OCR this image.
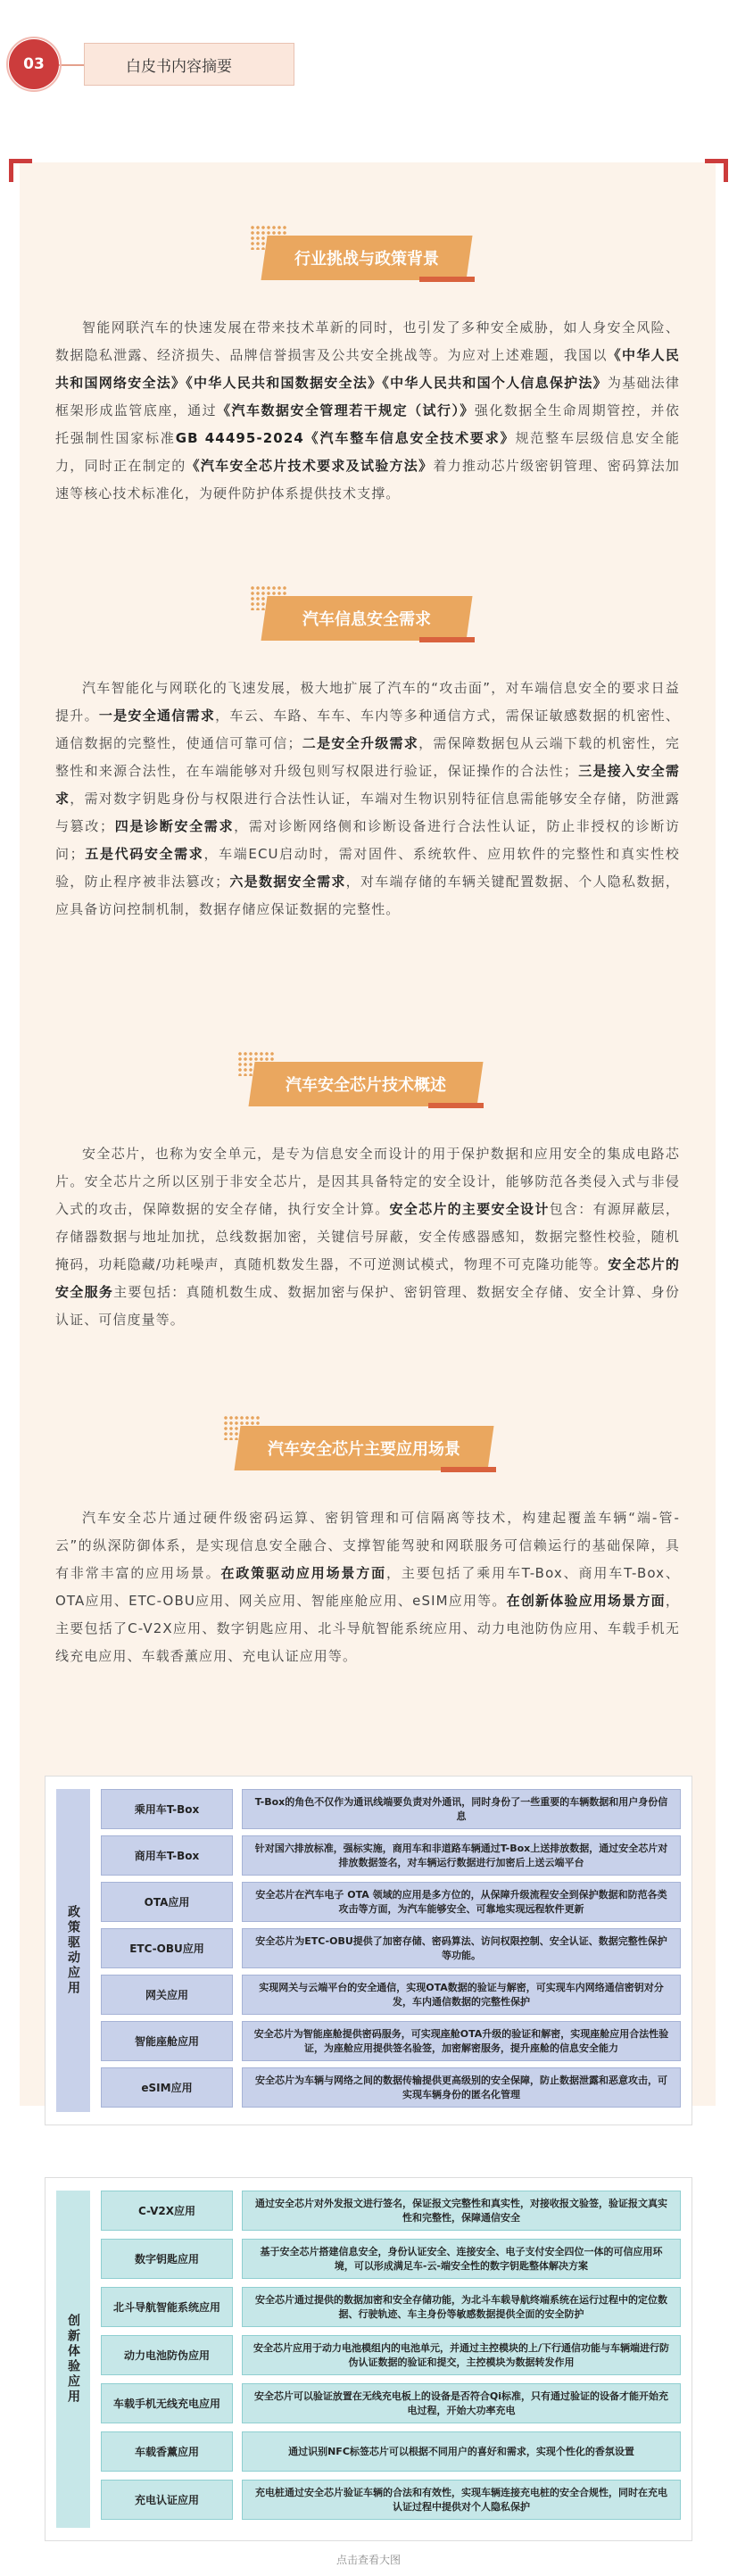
03	白皮书内容摘要
行业挑战与政策背景
智能网联汽车的快速发展在带来技术革新的同时，也引发了多种安全威胁，如人身安全风险、数据隐私泄露、经济损失、品牌信誉损害及公共安全挑战等。为应对上述难题，我国以《中华人民共和国网络安全法》《中华人民共和国数据安全法》《中华人民共和国个人信息保护法》为基础法律框架形成监管底座，通过《汽车数据安全管理若干规定（试行）》强化数据全生命周期管控，并依托强制性国家标准GB 44495-2024《汽车整车信息安全技术要求》规范整车层级信息安全能力，同时正在制定的《汽车安全芯片技术要求及试验方法》着力推动芯片级密钥管理、密码算法加速等核心技术标准化，为硬件防护体系提供技术支撑。
汽车信息安全需求
汽车智能化与网联化的飞速发展，极大地扩展了汽车的“攻击面”，对车端信息安全的要求日益提升。一是安全通信需求，车云、车路、车车、车内等多种通信方式，需保证敏感数据的机密性、通信数据的完整性，使通信可靠可信；二是安全升级需求，需保障数据包从云端下载的机密性，完整性和来源合法性，在车端能够对升级包则写权限进行验证，保证操作的合法性；三是接入安全需求，需对数字钥匙身份与权限进行合法性认证，车端对生物识别特征信息需能够安全存储，防泄露与篡改；四是诊断安全需求，需对诊断网络侧和诊断设备进行合法性认证，防止非授权的诊断访问；五是代码安全需求，车端ECU启动时，需对固件、系统软件、应用软件的完整性和真实性校验，防止程序被非法篡改；六是数据安全需求，对车端存储的车辆关键配置数据、个人隐私数据，应具备访问控制机制，数据存储应保证数据的完整性。
汽车安全芯片技术概述
安全芯片，也称为安全单元，是专为信息安全而设计的用于保护数据和应用安全的集成电路芯片。安全芯片之所以区别于非安全芯片，是因其具备特定的安全设计，能够防范各类侵入式与非侵入式的攻击，保障数据的安全存储，执行安全计算。安全芯片的主要安全设计包含：有源屏蔽层，存储器数据与地址加扰，总线数据加密，关键信号屏蔽，安全传感器感知，数据完整性校验，随机掩码，功耗隐藏/功耗噪声，真随机数发生器，不可逆测试模式，物理不可克隆功能等。安全芯片的安全服务主要包括：真随机数生成、数据加密与保护、密钥管理、数据安全存储、安全计算、身份认证、可信度量等。
汽车安全芯片主要应用场景
汽车安全芯片通过硬件级密码运算、密钥管理和可信隔离等技术，构建起覆盖车辆“端-管-云”的纵深防御体系，是实现信息安全融合、支撑智能驾驶和网联服务可信赖运行的基础保障，具有非常丰富的应用场景。在政策驱动应用场景方面，主要包括了乘用车T-Box、商用车T-Box、OTA应用、ETC-OBU应用、网关应用、智能座舱应用、eSIM应用等。在创新体验应用场景方面，主要包括了C-V2X应用、数字钥匙应用、北斗导航智能系统应用、动力电池防伪应用、车载手机无线充电应用、车载香薰应用、充电认证应用等。
政策驱动应用
乘用车T-Box
T-Box的角色不仅作为通讯线端要负责对外通讯，同时身份了一些重要的车辆数据和用户身份信息
商用车T-Box
针对国六排放标准，强标实施，商用车和非道路车辆通过T-Box上送排放数据，通过安全芯片对排放数据签名，对车辆运行数据进行加密后上送云端平台
OTA应用
安全芯片在汽车电子 OTA 领域的应用是多方位的，从保障升级流程安全到保护数据和防范各类攻击等方面，为汽车能够安全、可靠地实现远程软件更新
ETC-OBU应用
安全芯片为ETC-OBU提供了加密存储、密码算法、访问权限控制、安全认证、数据完整性保护等功能。
网关应用
实现网关与云端平台的安全通信，实现OTA数据的验证与解密，可实现车内网络通信密钥对分发，车内通信数据的完整性保护
智能座舱应用
安全芯片为智能座舱提供密码服务，可实现座舱OTA升级的验证和解密，实现座舱应用合法性验证，为座舱应用提供签名验签，加密解密服务，提升座舱的信息安全能力
eSIM应用
安全芯片为车辆与网络之间的数据传输提供更高级别的安全保障，防止数据泄露和恶意攻击，可实现车辆身份的匿名化管理
创新体验应用
C-V2X应用
通过安全芯片对外发报文进行签名，保证报文完整性和真实性，对接收报文验签，验证报文真实性和完整性，保障通信安全
数字钥匙应用
基于安全芯片搭建信息安全，身份认证安全、连接安全、电子支付安全四位一体的可信应用环境，可以形成满足车-云-端安全性的数字钥匙整体解决方案
北斗导航智能系统应用
安全芯片通过提供的数据加密和安全存储功能，为北斗车载导航终端系统在运行过程中的定位数据、行驶轨迹、车主身份等敏感数据提供全面的安全防护
动力电池防伪应用
安全芯片应用于动力电池模组内的电池单元，并通过主控模块的上/下行通信功能与车辆端进行防伪认证数据的验证和提交，主控模块为数据转发作用
车载手机无线充电应用
安全芯片可以验证放置在无线充电板上的设备是否符合Qi标准，只有通过验证的设备才能开始充电过程，开始大功率充电
车载香薰应用	通过识别NFC标签芯片可以根据不同用户的喜好和需求，实现个性化的香氛设置
充电认证应用
充电桩通过安全芯片验证车辆的合法和有效性，实现车辆连接充电桩的安全合规性，同时在充电认证过程中提供对个人隐私保护
点击查看大图
